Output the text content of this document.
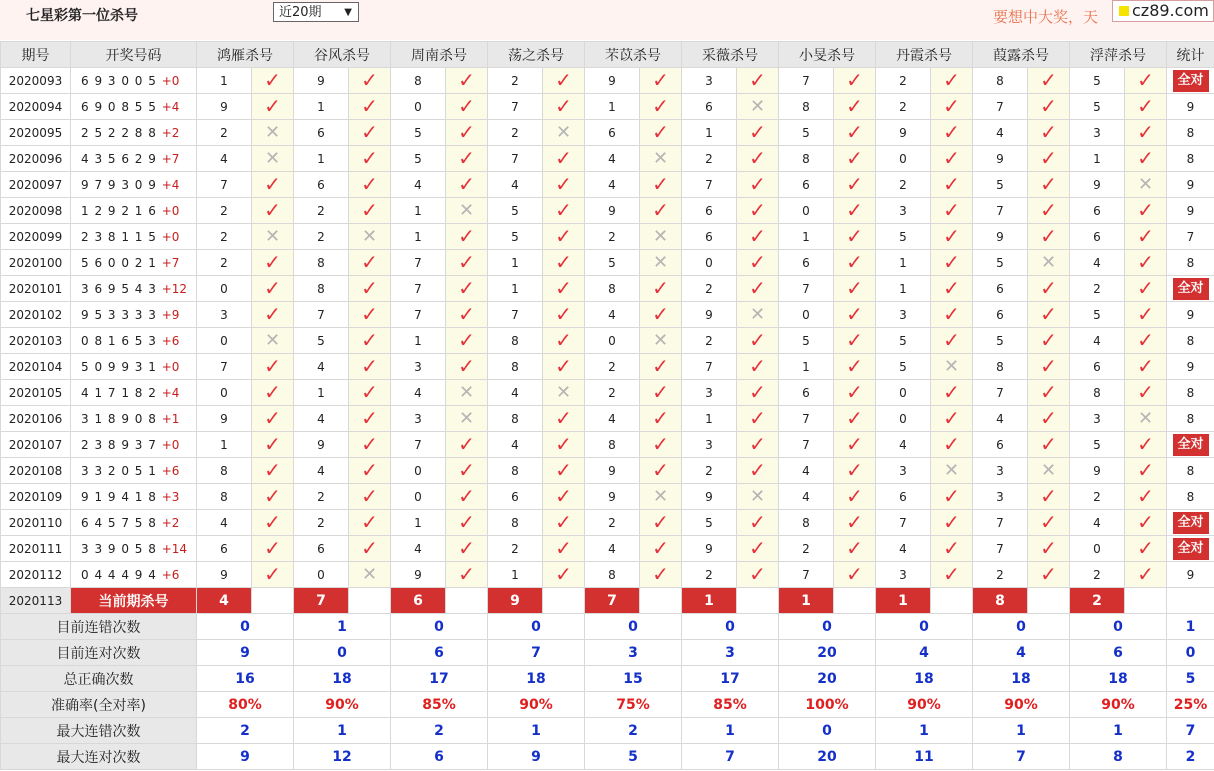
七星彩第一位杀号	近20期 ▼	要想中大奖，天	cz89.com
期号	开奖号码	鸿雁杀号		谷风杀号		周南杀号		荡之杀号		芣苡杀号		采薇杀号		小旻杀号		丹霞杀号		葭露杀号		浮萍杀号		统计
2020093	6 9 3 0 0 5 +0	1	✓	9	✓	8	✓	2	✓	9	✓	3	✓	7	✓	2	✓	8	✓	5	✓	全对
2020094	6 9 0 8 5 5 +4	9	✓	1	✓	0	✓	7	✓	1	✓	6	✕	8	✓	2	✓	7	✓	5	✓	9
2020095	2 5 2 2 8 8 +2	2	✕	6	✓	5	✓	2	✕	6	✓	1	✓	5	✓	9	✓	4	✓	3	✓	8
2020096	4 3 5 6 2 9 +7	4	✕	1	✓	5	✓	7	✓	4	✕	2	✓	8	✓	0	✓	9	✓	1	✓	8
2020097	9 7 9 3 0 9 +4	7	✓	6	✓	4	✓	4	✓	4	✓	7	✓	6	✓	2	✓	5	✓	9	✕	9
2020098	1 2 9 2 1 6 +0	2	✓	2	✓	1	✕	5	✓	9	✓	6	✓	0	✓	3	✓	7	✓	6	✓	9
2020099	2 3 8 1 1 5 +0	2	✕	2	✕	1	✓	5	✓	2	✕	6	✓	1	✓	5	✓	9	✓	6	✓	7
2020100	5 6 0 0 2 1 +7	2	✓	8	✓	7	✓	1	✓	5	✕	0	✓	6	✓	1	✓	5	✕	4	✓	8
2020101	3 6 9 5 4 3 +12	0	✓	8	✓	7	✓	1	✓	8	✓	2	✓	7	✓	1	✓	6	✓	2	✓	全对
2020102	9 5 3 3 3 3 +9	3	✓	7	✓	7	✓	7	✓	4	✓	9	✕	0	✓	3	✓	6	✓	5	✓	9
2020103	0 8 1 6 5 3 +6	0	✕	5	✓	1	✓	8	✓	0	✕	2	✓	5	✓	5	✓	5	✓	4	✓	8
2020104	5 0 9 9 3 1 +0	7	✓	4	✓	3	✓	8	✓	2	✓	7	✓	1	✓	5	✕	8	✓	6	✓	9
2020105	4 1 7 1 8 2 +4	0	✓	1	✓	4	✕	4	✕	2	✓	3	✓	6	✓	0	✓	7	✓	8	✓	8
2020106	3 1 8 9 0 8 +1	9	✓	4	✓	3	✕	8	✓	4	✓	1	✓	7	✓	0	✓	4	✓	3	✕	8
2020107	2 3 8 9 3 7 +0	1	✓	9	✓	7	✓	4	✓	8	✓	3	✓	7	✓	4	✓	6	✓	5	✓	全对
2020108	3 3 2 0 5 1 +6	8	✓	4	✓	0	✓	8	✓	9	✓	2	✓	4	✓	3	✕	3	✕	9	✓	8
2020109	9 1 9 4 1 8 +3	8	✓	2	✓	0	✓	6	✓	9	✕	9	✕	4	✓	6	✓	3	✓	2	✓	8
2020110	6 4 5 7 5 8 +2	4	✓	2	✓	1	✓	8	✓	2	✓	5	✓	8	✓	7	✓	7	✓	4	✓	全对
2020111	3 3 9 0 5 8 +14	6	✓	6	✓	4	✓	2	✓	4	✓	9	✓	2	✓	4	✓	7	✓	0	✓	全对
2020112	0 4 4 4 9 4 +6	9	✓	0	✕	9	✓	1	✓	8	✓	2	✓	7	✓	3	✓	2	✓	2	✓	9
2020113	当前期杀号	4		7		6		9		7		1		1		1		8		2		
目前连错次数		0		1		0		0		0		0		0		0		0		0		1
目前连对次数		9		0		6		7		3		3		20		4		4		6		0
总正确次数		16		18		17		18		15		17		20		18		18		18		5
准确率(全对率)		80%		90%		85%		90%		75%		85%		100%		90%		90%		90%		25%
最大连错次数		2		1		2		1		2		1		0		1		1		1		7
最大连对次数		9		12		6		9		5		7		20		11		7		8		2
